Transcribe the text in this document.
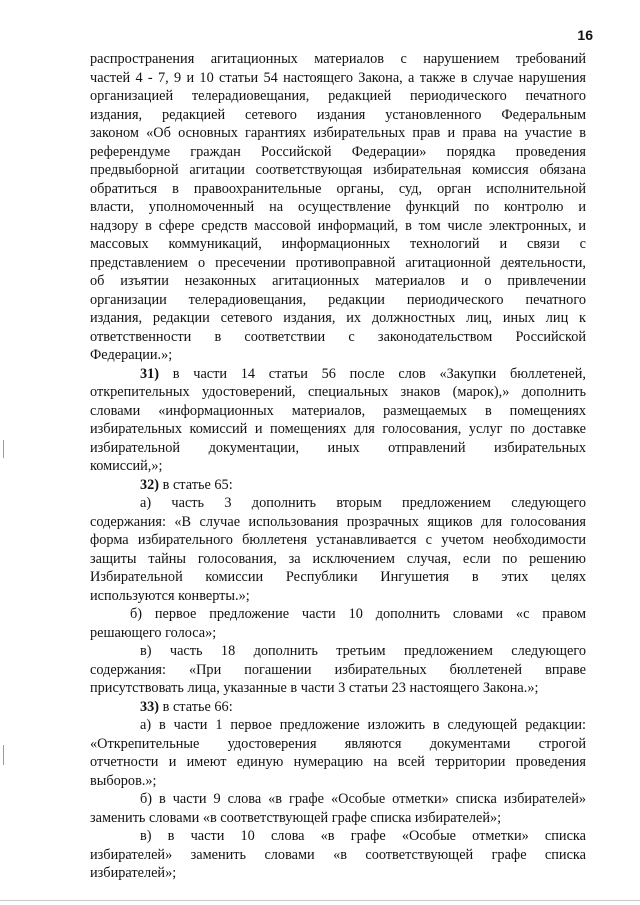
16

распространения агитационных материалов с нарушением требований

частей 4 - 7, 9 и 10 статьи 54 настоящего Закона, а также в случае нарушения

организацией телерадиовещания, редакцией периодического печатного

издания, редакцией сетевого издания установленного Федеральным

законом «Об основных гарантиях избирательных прав и права на участие в

референдуме граждан Российской Федерации» порядка проведения

предвыборной агитации соответствующая избирательная комиссия обязана

обратиться в правоохранительные органы, суд, орган исполнительной

власти, уполномоченный на осуществление функций по контролю и

надзору в сфере средств массовой информаций, в том числе электронных, и

массовых коммуникаций, информационных технологий и связи с

представлением о пресечении противоправной агитационной деятельности,

об изъятии незаконных агитационных материалов и о привлечении

организации телерадиовещания, редакции периодического печатного

издания, редакции сетевого издания, их должностных лиц, иных лиц к

ответственности в соответствии с законодательством Российской

Федерации.»;

31) в части 14 статьи 56 после слов «Закупки бюллетеней,

открепительных удостоверений, специальных знаков (марок),» дополнить

словами «информационных материалов, размещаемых в помещениях

избирательных комиссий и помещениях для голосования, услуг по доставке

избирательной документации, иных отправлений избирательных

комиссий,»;

32) в статье 65:

а) часть 3 дополнить вторым предложением следующего

содержания: «В случае использования прозрачных ящиков для голосования

форма избирательного бюллетеня устанавливается с учетом необходимости

защиты тайны голосования, за исключением случая, если по решению

Избирательной комиссии Республики Ингушетия в этих целях

используются конверты.»;

б) первое предложение части 10 дополнить словами «с правом

решающего голоса»;

в) часть 18 дополнить третьим предложением следующего

содержания: «При погашении избирательных бюллетеней вправе

присутствовать лица, указанные в части 3 статьи 23 настоящего Закона.»;

33) в статье 66:

а) в части 1 первое предложение изложить в следующей редакции:

«Открепительные удостоверения являются документами строгой

отчетности и имеют единую нумерацию на всей территории проведения

выборов.»;

б) в части 9 слова «в графе «Особые отметки» списка избирателей»

заменить словами «в соответствующей графе списка избирателей»;

в) в части 10 слова «в графе «Особые отметки» списка

избирателей» заменить словами «в соответствующей графе списка

избирателей»;
